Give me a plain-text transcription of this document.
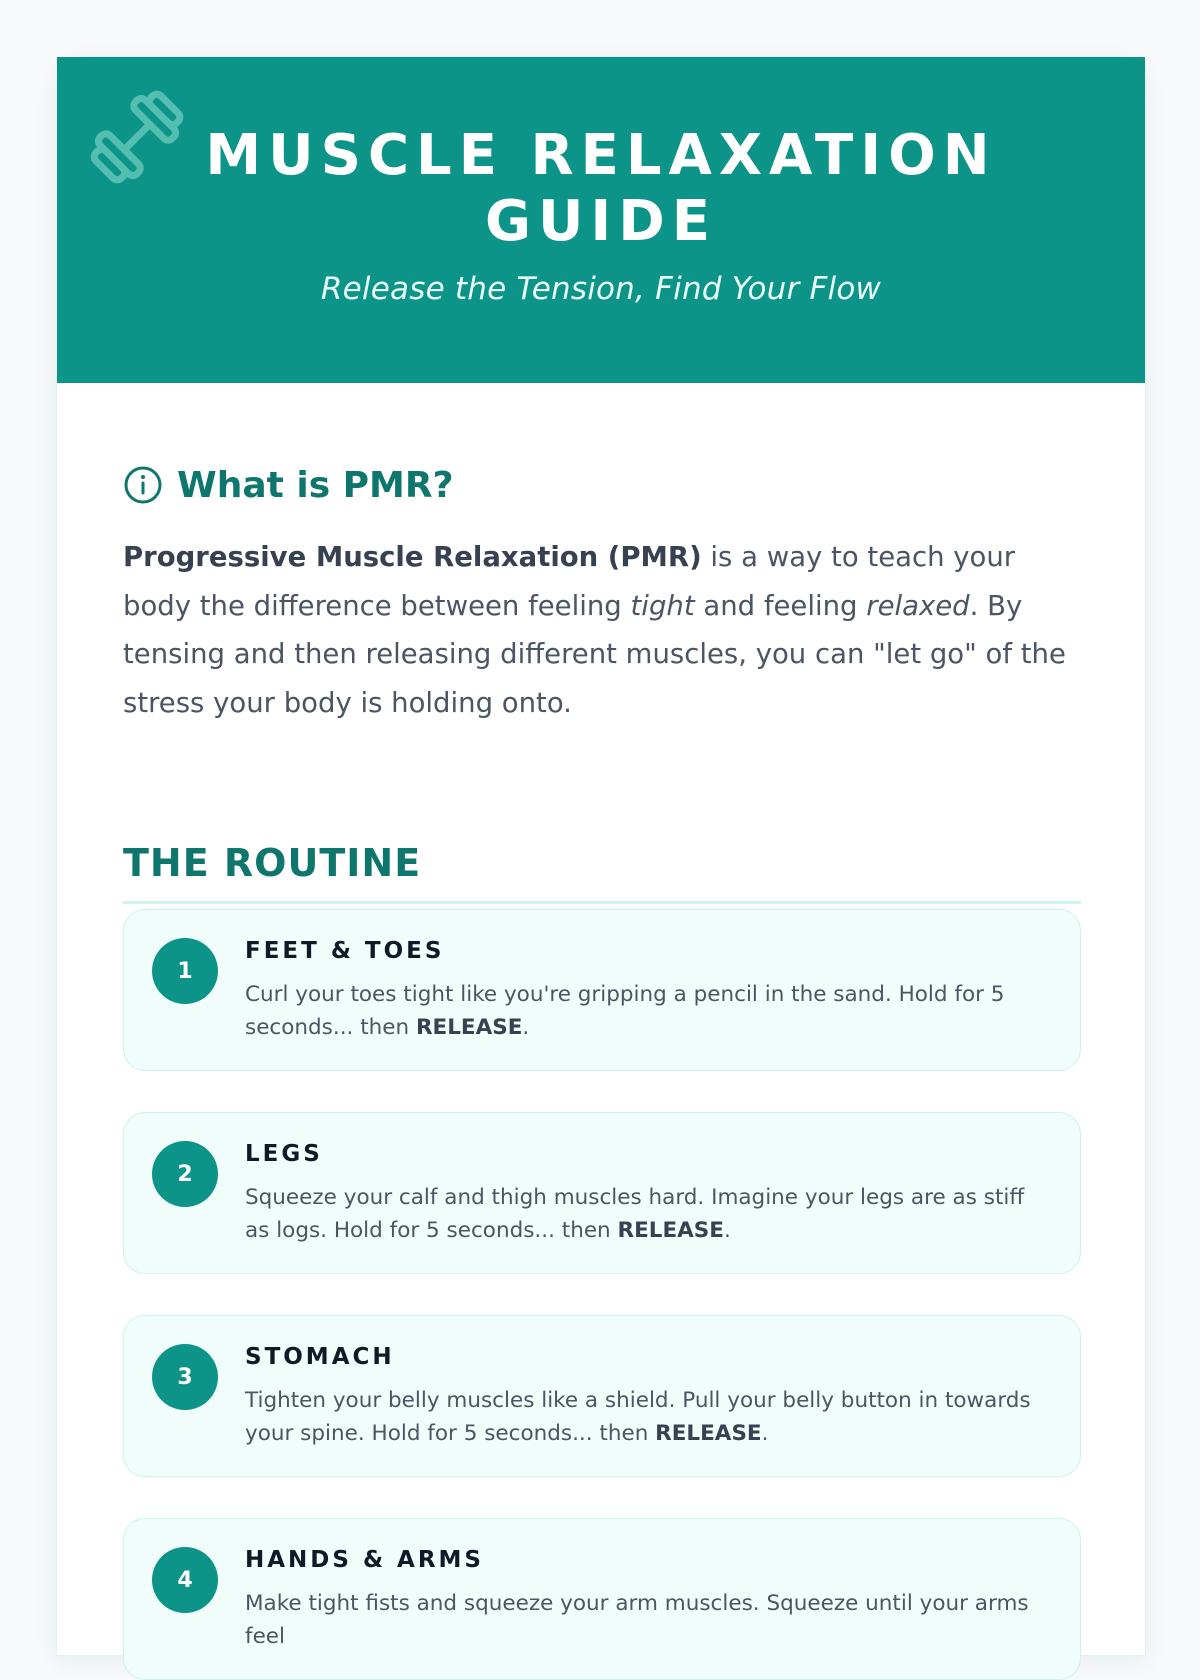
MUSCLE RELAXATION
GUIDE
Release the Tension, Find Your Flow
What is PMR?

Progressive Muscle Relaxation (PMR) is a way to teach your body the difference between feeling tight and feeling relaxed. By tensing and then releasing different muscles, you can "let go" of the stress your body is holding onto.

THE ROUTINE
1
FEET & TOES

Curl your toes tight like you're gripping a pencil in the sand. Hold for 5 seconds... then RELEASE.

2
LEGS

Squeeze your calf and thigh muscles hard. Imagine your legs are as stiff as logs. Hold for 5 seconds... then RELEASE.

3
STOMACH

Tighten your belly muscles like a shield. Pull your belly button in towards your spine. Hold for 5 seconds... then RELEASE.

4
HANDS & ARMS

Make tight fists and squeeze your arm muscles. Squeeze until your arms feel
